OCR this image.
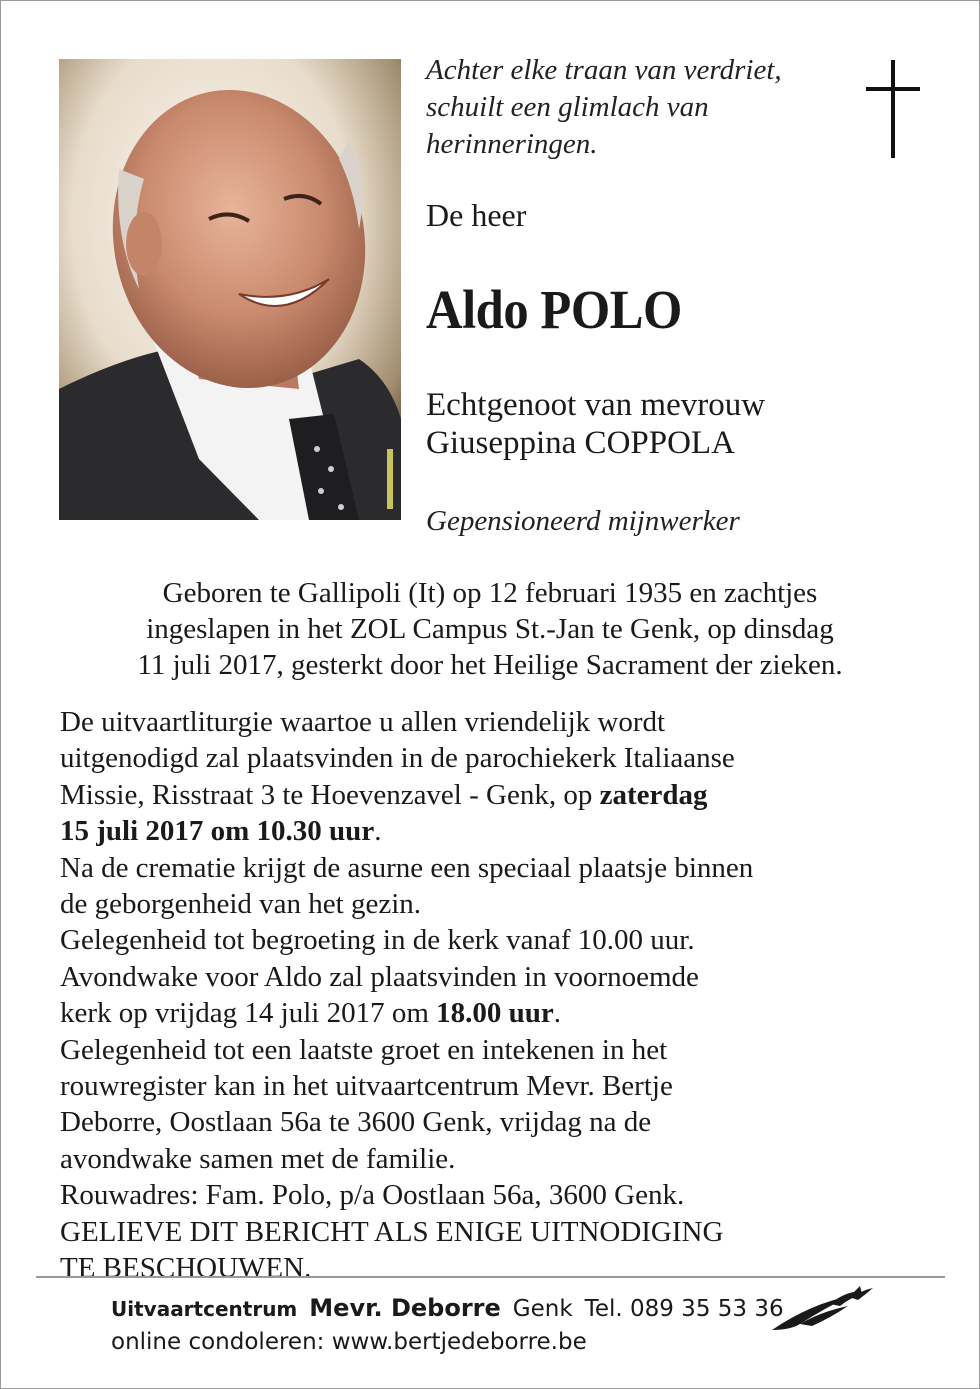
Achter elke traan van verdriet,
schuilt een glimlach van
herinneringen.
De heer
Aldo POLO
Echtgenoot van mevrouw
Giuseppina COPPOLA
Gepensioneerd mijnwerker
Geboren te Gallipoli (It) op 12 februari 1935 en zachtjes
ingeslapen in het ZOL Campus St.-Jan te Genk, op dinsdag
11 juli 2017, gesterkt door het Heilige Sacrament der zieken.

De uitvaartliturgie waartoe u allen vriendelijk wordt

uitgenodigd zal plaatsvinden in de parochiekerk Italiaanse

Missie, Risstraat 3 te Hoevenzavel - Genk, op zaterdag

15 juli 2017 om 10.30 uur.

Na de crematie krijgt de asurne een speciaal plaatsje binnen

de geborgenheid van het gezin.

Gelegenheid tot begroeting in de kerk vanaf 10.00 uur.

Avondwake voor Aldo zal plaatsvinden in voornoemde

kerk op vrijdag 14 juli 2017 om 18.00 uur.

Gelegenheid tot een laatste groet en intekenen in het

rouwregister kan in het uitvaartcentrum Mevr. Bertje

Deborre, Oostlaan 56a te 3600 Genk, vrijdag na de

avondwake samen met de familie.

Rouwadres: Fam. Polo, p/a Oostlaan 56a, 3600 Genk.

GELIEVE DIT BERICHT ALS ENIGE UITNODIGING

TE BESCHOUWEN.

Uitvaartcentrum Mevr. Deborre Genk Tel. 089 35 53 36
online condoleren: www.bertjedeborre.be
